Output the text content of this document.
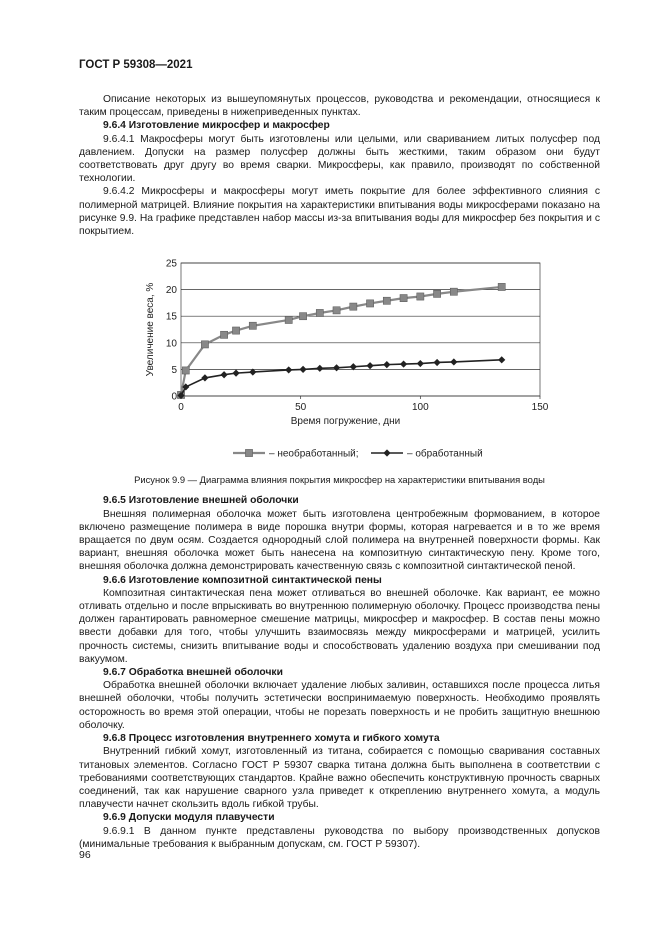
ГОСТ Р 59308—2021

Описание некоторых из вышеупомянутых процессов, руководства и рекомендации, относящиеся к таким процессам, приведены в нижеприведенных пунктах.

9.6.4 Изготовление микросфер и макросфер

9.6.4.1 Макросферы могут быть изготовлены или целыми, или свариванием литых полусфер под давлением. Допуски на размер полусфер должны быть жесткими, таким образом они будут соответствовать друг другу во время сварки. Микросферы, как правило, производят по собственной технологии.

9.6.4.2 Микросферы и макросферы могут иметь покрытие для более эффективного слияния с полимерной матрицей. Влияние покрытия на характеристики впитывания воды микросферами показано на рисунке 9.9. На графике представлен набор массы из-за впитывания воды для микросфер без покрытия и с покрытием.

0
5
10
15
20
25
0	50	100	150
Время погружение, дни
Увеличение веса, %
– необработанный;	– обработанный
Рисунок 9.9 — Диаграмма влияния покрытия микросфер на характеристики впитывания воды
9.6.5 Изготовление внешней оболочки

Внешняя полимерная оболочка может быть изготовлена центробежным формованием, в которое включено размещение полимера в виде порошка внутри формы, которая нагревается и в то же время вращается по двум осям. Создается однородный слой полимера на внутренней поверхности формы. Как вариант, внешняя оболочка может быть нанесена на композитную синтактическую пену. Кроме того, внешняя оболочка должна демонстрировать качественную связь с композитной синтактической пеной.

9.6.6 Изготовление композитной синтактической пены

Композитная синтактическая пена может отливаться во внешней оболочке. Как вариант, ее можно отливать отдельно и после впрыскивать во внутреннюю полимерную оболочку. Процесс производства пены должен гарантировать равномерное смешение матрицы, микросфер и макросфер. В состав пены можно ввести добавки для того, чтобы улучшить взаимосвязь между микросферами и матрицей, усилить прочность системы, снизить впитывание воды и способствовать удалению воздуха при смешивании под вакуумом.

9.6.7 Обработка внешней оболочки

Обработка внешней оболочки включает удаление любых заливин, оставшихся после процесса литья внешней оболочки, чтобы получить эстетически воспринимаемую поверхность. Необходимо проявлять осторожность во время этой операции, чтобы не порезать поверхность и не пробить защитную внешнюю оболочку.

9.6.8 Процесс изготовления внутреннего хомута и гибкого хомута

Внутренний гибкий хомут, изготовленный из титана, собирается с помощью сваривания составных титановых элементов. Согласно ГОСТ Р 59307 сварка титана должна быть выполнена в соответствии с требованиями соответствующих стандартов. Крайне важно обеспечить конструктивную прочность сварных соединений, так как нарушение сварного узла приведет к откреплению внутреннего хомута, а модуль плавучести начнет скользить вдоль гибкой трубы.

9.6.9 Допуски модуля плавучести

9.6.9.1 В данном пункте представлены руководства по выбору производственных допусков (минимальные требования к выбранным допускам, см. ГОСТ Р 59307).

96
